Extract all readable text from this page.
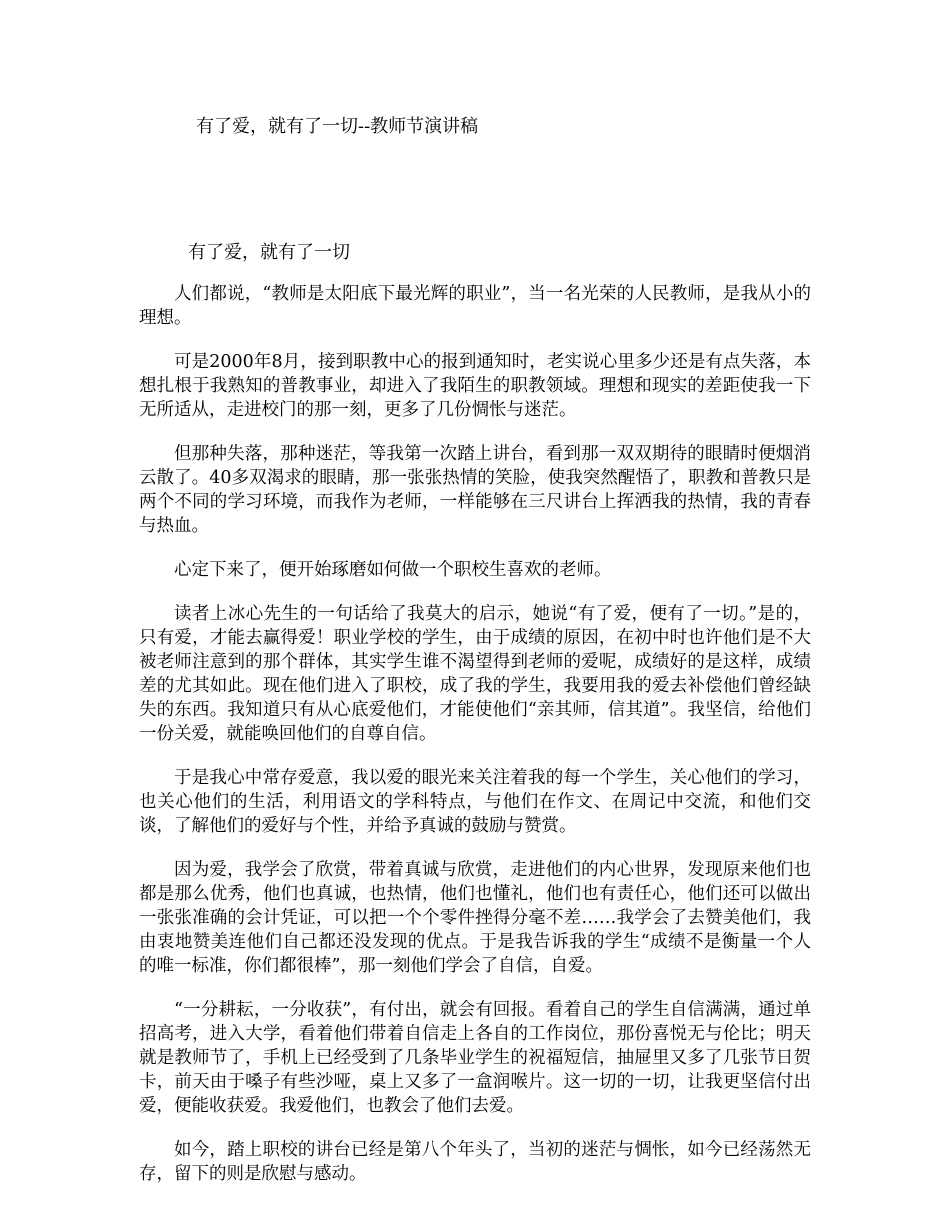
有了爱，就有了一切--教师节演讲稿
有了爱，就有了一切

人们都说，“教师是太阳底下最光辉的职业”，当一名光荣的人民教师，是我从小的理想。

可是2000年8月，接到职教中心的报到通知时，老实说心里多少还是有点失落，本想扎根于我熟知的普教事业，却进入了我陌生的职教领域。理想和现实的差距使我一下无所适从，走进校门的那一刻，更多了几份惆怅与迷茫。

但那种失落，那种迷茫，等我第一次踏上讲台，看到那一双双期待的眼睛时便烟消云散了。40多双渴求的眼睛，那一张张热情的笑脸，使我突然醒悟了，职教和普教只是两个不同的学习环境，而我作为老师，一样能够在三尺讲台上挥洒我的热情，我的青春与热血。

心定下来了，便开始琢磨如何做一个职校生喜欢的老师。

读者上冰心先生的一句话给了我莫大的启示，她说“有了爱，便有了一切。”是的，只有爱，才能去赢得爱！职业学校的学生，由于成绩的原因，在初中时也许他们是不大被老师注意到的那个群体，其实学生谁不渴望得到老师的爱呢，成绩好的是这样，成绩差的尤其如此。现在他们进入了职校，成了我的学生，我要用我的爱去补偿他们曾经缺失的东西。我知道只有从心底爱他们，才能使他们“亲其师，信其道”。我坚信，给他们一份关爱，就能唤回他们的自尊自信。

于是我心中常存爱意，我以爱的眼光来关注着我的每一个学生，关心他们的学习，也关心他们的生活，利用语文的学科特点，与他们在作文、在周记中交流，和他们交谈，了解他们的爱好与个性，并给予真诚的鼓励与赞赏。

因为爱，我学会了欣赏，带着真诚与欣赏，走进他们的内心世界，发现原来他们也都是那么优秀，他们也真诚，也热情，他们也懂礼，他们也有责任心，他们还可以做出一张张准确的会计凭证，可以把一个个零件挫得分毫不差……我学会了去赞美他们，我由衷地赞美连他们自己都还没发现的优点。于是我告诉我的学生“成绩不是衡量一个人的唯一标准，你们都很棒”，那一刻他们学会了自信，自爱。

“一分耕耘，一分收获”，有付出，就会有回报。看着自己的学生自信满满，通过单招高考，进入大学，看着他们带着自信走上各自的工作岗位，那份喜悦无与伦比；明天就是教师节了，手机上已经受到了几条毕业学生的祝福短信，抽屉里又多了几张节日贺卡，前天由于嗓子有些沙哑，桌上又多了一盒润喉片。这一切的一切，让我更坚信付出爱，便能收获爱。我爱他们，也教会了他们去爱。

如今，踏上职校的讲台已经是第八个年头了，当初的迷茫与惆怅，如今已经荡然无存，留下的则是欣慰与感动。
